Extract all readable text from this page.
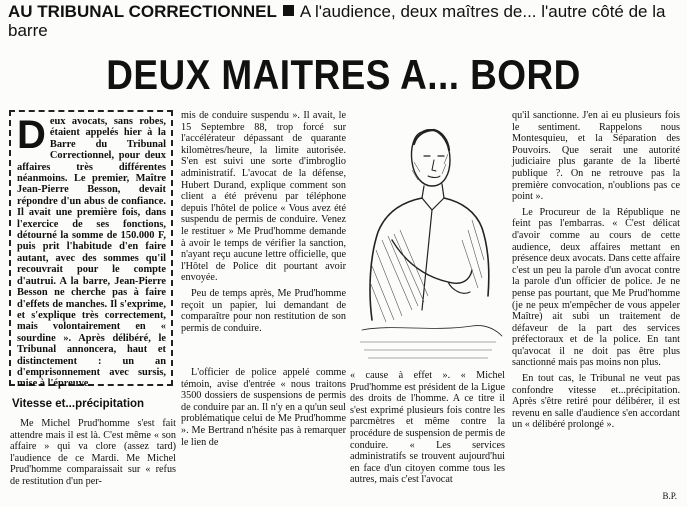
AU TRIBUNAL CORRECTIONNEL A l'audience, deux maîtres de... l'autre côté de la barre
DEUX MAITRES A... BORD
Deux avocats, sans robes, étaient appelés hier à la Barre du Tribunal Correctionnel, pour deux affaires très différentes néanmoins. Le premier, Maître Jean-Pierre Besson, devait répondre d'un abus de confiance. Il avait une première fois, dans l'exercice de ses fonctions, détourné la somme de 150.000 F, puis prit l'habitude d'en faire autant, avec des sommes qu'il recouvrait pour le compte d'autrui. A la barre, Jean-Pierre Besson ne cherche pas à faire d'effets de manches. Il s'exprime, et s'explique très correctement, mais volontairement en « sourdine ». Après délibéré, le Tribunal annoncera, haut et distinctement : un an d'emprisonnement avec sursis, mise à l'épreuve.
Vitesse et...précipitation

Me Michel Prud'homme s'est fait attendre mais il est là. C'est même « son affaire » qui va clore (assez tard) l'audience de ce Mardi. Me Michel Prud'homme comparaissait sur « refus de restitution d'un per-

mis de conduire suspendu ». Il avait, le 15 Septembre 88, trop forcé sur l'accélérateur dépassant de quarante kilomètres/heure, la limite autorisée. S'en est suivi une sorte d'imbroglio administratif. L'avocat de la défense, Hubert Durand, explique comment son client a été prévenu par téléphone depuis l'hôtel de police « Vous avez été suspendu de permis de conduire. Venez le restituer » Me Prud'homme demande à avoir le temps de vérifier la sanction, n'ayant reçu aucune lettre officielle, que l'Hôtel de Police dit pourtant avoir envoyée.

Peu de temps après, Me Prud'homme reçoit un papier, lui demandant de comparaître pour non restitution de son permis de conduire.

L'officier de police appelé comme témoin, avise d'entrée « nous traitons 3500 dossiers de suspensions de permis de conduire par an. Il n'y en a qu'un seul problématique celui de Me Prud'homme ». Me Bertrand n'hésite pas à remarquer le lien de

« cause à effet ». « Michel Prud'homme est président de la Ligue des droits de l'homme. A ce titre il s'est exprimé plusieurs fois contre les parcmètres et même contre la procédure de suspension de permis de conduire. « Les services administratifs se trouvent aujourd'hui en face d'un citoyen comme tous les autres, mais c'est l'avocat

qu'il sanctionne. J'en ai eu plusieurs fois le sentiment. Rappelons nous Montesquieu, et la Séparation des Pouvoirs. Que serait une autorité judiciaire plus garante de la liberté publique ?. On ne retrouve pas la première convocation, n'oublions pas ce point ».

Le Procureur de la République ne feint pas l'embarras. « C'est délicat d'avoir comme au cours de cette audience, deux affaires mettant en présence deux avocats. Dans cette affaire c'est un peu la parole d'un avocat contre la parole d'un officier de police. Je ne pense pas pourtant, que Me Prud'homme (je ne peux m'empêcher de vous appeler Maître) ait subi un traitement de défaveur de la part des services préfectoraux et de la police. En tant qu'avocat il ne doit pas être plus sanctionné mais pas moins non plus.

En tout cas, le Tribunal ne veut pas confondre vitesse et...précipitation. Après s'être retiré pour délibérer, il est revenu en salle d'audience s'en accordant un « délibéré prolongé ».

B.P.
